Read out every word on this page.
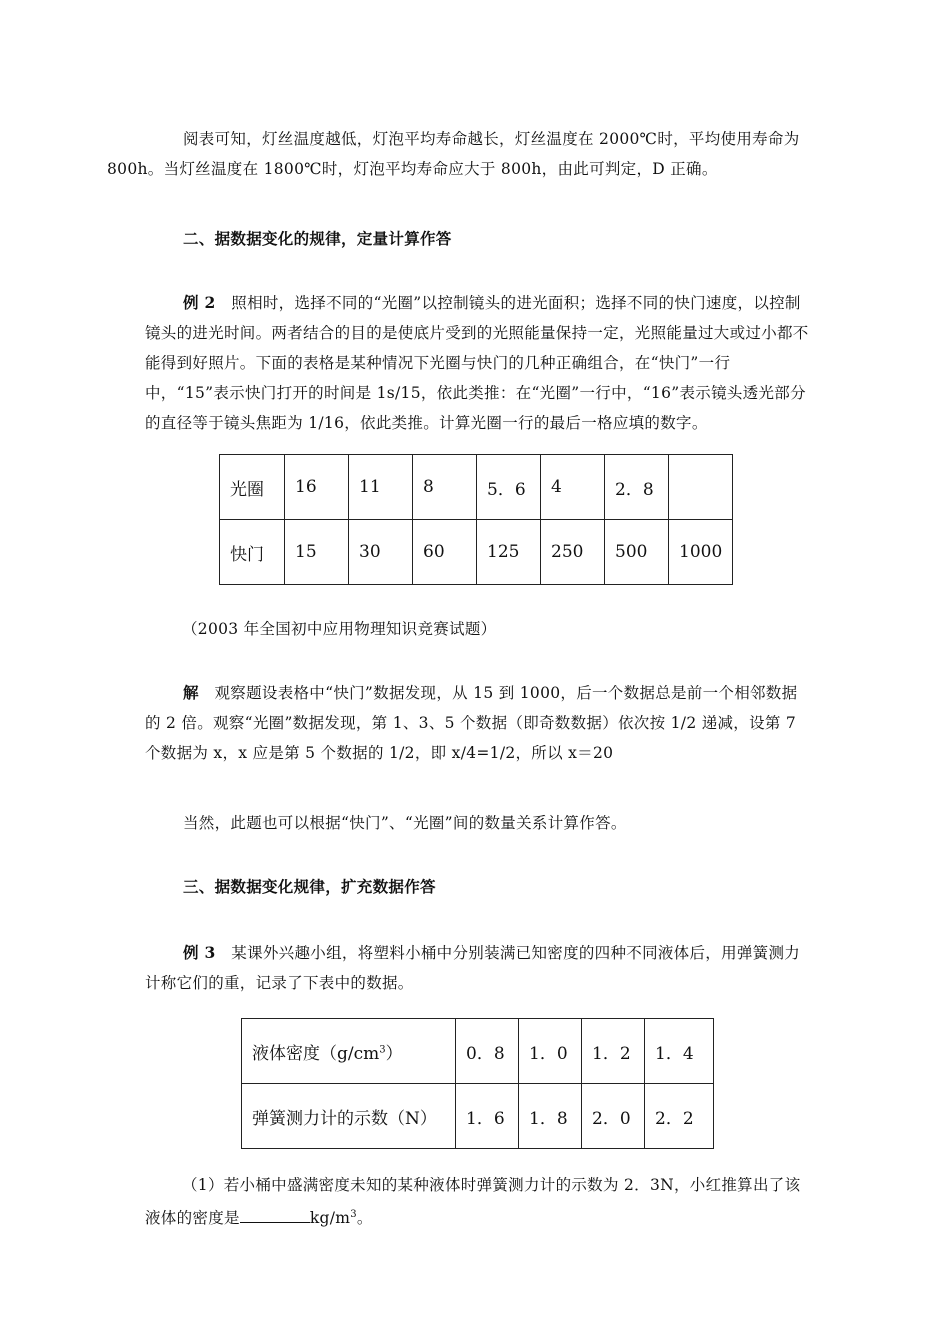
阅表可知，灯丝温度越低，灯泡平均寿命越长，灯丝温度在 2000℃时，平均使用寿命为
800h。当灯丝温度在 1800℃时，灯泡平均寿命应大于 800h，由此可判定，D 正确。
二、据数据变化的规律，定量计算作答
例 2 照相时，选择不同的“光圈”以控制镜头的进光面积；选择不同的快门速度，以控制镜头的进光时间。两者结合的目的是使底片受到的光照能量保持一定，光照能量过大或过小都不能得到好照片。下面的表格是某种情况下光圈与快门的几种正确组合，在“快门”一行中，“15”表示快门打开的时间是 1s/15，依此类推：在“光圈”一行中，“16”表示镜头透光部分的直径等于镜头焦距为 1/16，依此类推。计算光圈一行的最后一格应填的数字。
光圈	16	11	8	5．6	4	2．8	
快门	15	30	60	125	250	500	1000
（2003 年全国初中应用物理知识竞赛试题）
解 观察题设表格中“快门”数据发现，从 15 到 1000，后一个数据总是前一个相邻数据的 2 倍。观察“光圈”数据发现，第 1、3、5 个数据（即奇数数据）依次按 1/2 递减，设第 7 个数据为 x，x 应是第 5 个数据的 1/2，即 x/4=1/2，所以 x＝20
当然，此题也可以根据“快门”、“光圈”间的数量关系计算作答。
三、据数据变化规律，扩充数据作答
例 3 某课外兴趣小组，将塑料小桶中分别装满已知密度的四种不同液体后，用弹簧测力计称它们的重，记录了下表中的数据。
液体密度$(g/cm^3)$	0．8	1．0	1．2	1．4
弹簧测力计的示数（N）	1．6	1．8	2．0	2．2
（1）若小桶中盛满密度未知的某种液体时弹簧测力计的示数为 2．3N，小红推算出了该
液体的密度是	$kg/m^3$。
